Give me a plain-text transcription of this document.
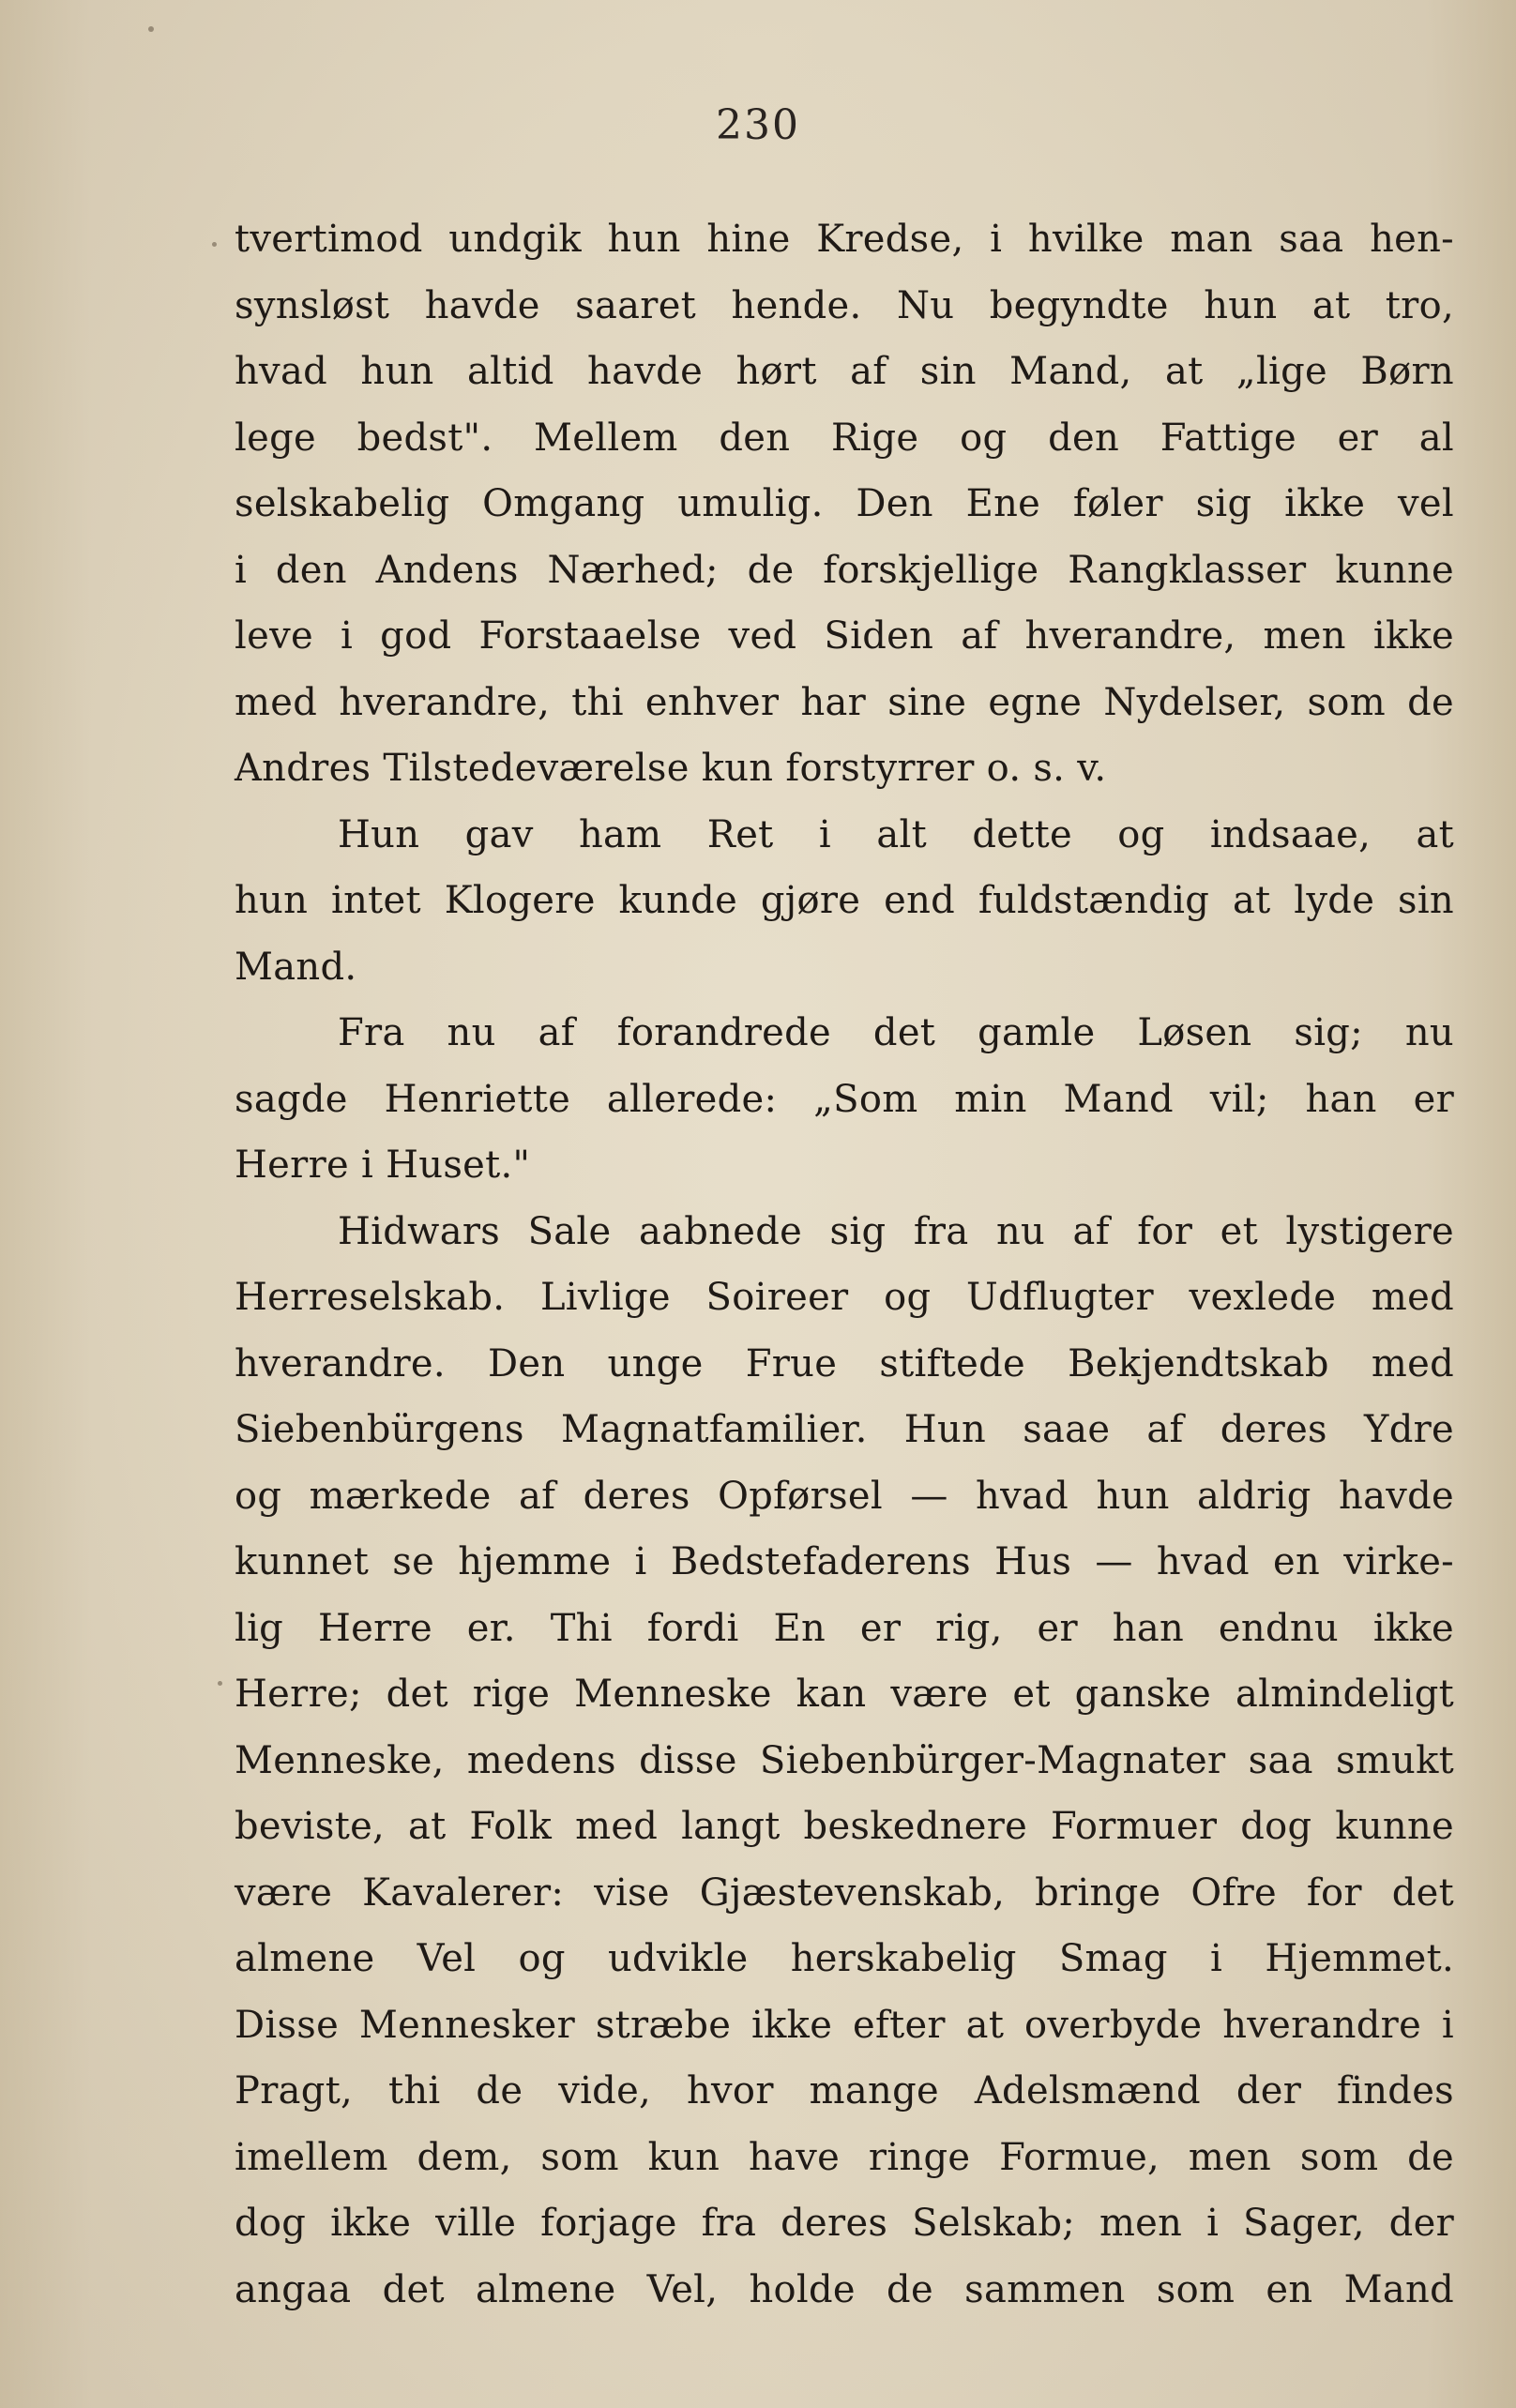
230
tvertimod undgik hun hine Kredse, i hvilke man saa hen-
synsløst havde saaret hende. Nu begyndte hun at tro,
hvad hun altid havde hørt af sin Mand, at „lige Børn
lege bedst". Mellem den Rige og den Fattige er al
selskabelig Omgang umulig. Den Ene føler sig ikke vel
i den Andens Nærhed; de forskjellige Rangklasser kunne
leve i god Forstaaelse ved Siden af hverandre, men ikke
med hverandre, thi enhver har sine egne Nydelser, som de
Andres Tilstedeværelse kun forstyrrer o. s. v.
Hun gav ham Ret i alt dette og indsaae, at
hun intet Klogere kunde gjøre end fuldstændig at lyde sin
Mand.
Fra nu af forandrede det gamle Løsen sig; nu
sagde Henriette allerede: „Som min Mand vil; han er
Herre i Huset."
Hidwars Sale aabnede sig fra nu af for et lystigere
Herreselskab. Livlige Soireer og Udflugter vexlede med
hverandre. Den unge Frue stiftede Bekjendtskab med
Siebenbürgens Magnatfamilier. Hun saae af deres Ydre
og mærkede af deres Opførsel — hvad hun aldrig havde
kunnet se hjemme i Bedstefaderens Hus — hvad en virke-
lig Herre er. Thi fordi En er rig, er han endnu ikke
Herre; det rige Menneske kan være et ganske almindeligt
Menneske, medens disse Siebenbürger-Magnater saa smukt
beviste, at Folk med langt beskednere Formuer dog kunne
være Kavalerer: vise Gjæstevenskab, bringe Ofre for det
almene Vel og udvikle herskabelig Smag i Hjemmet.
Disse Mennesker stræbe ikke efter at overbyde hverandre i
Pragt, thi de vide, hvor mange Adelsmænd der findes
imellem dem, som kun have ringe Formue, men som de
dog ikke ville forjage fra deres Selskab; men i Sager, der
angaa det almene Vel, holde de sammen som en Mand
